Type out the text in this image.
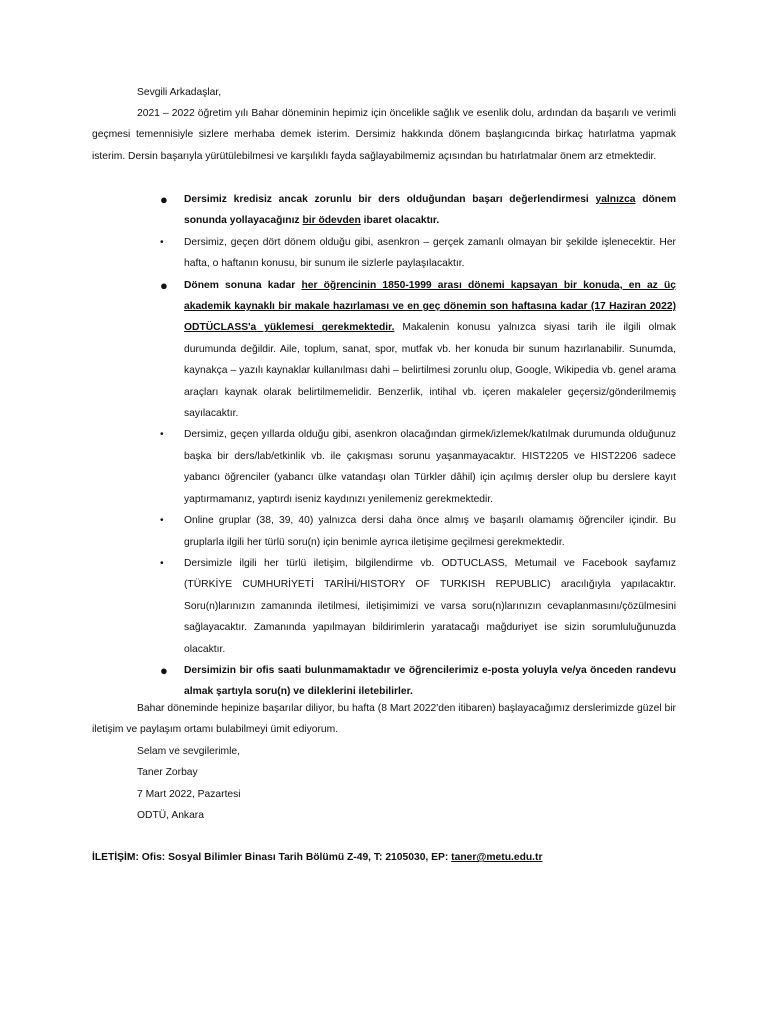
Sevgili Arkadaşlar,
2021 – 2022 öğretim yılı Bahar döneminin hepimiz için öncelikle sağlık ve esenlik dolu, ardından da başarılı ve verimli geçmesi temennisiyle sizlere merhaba demek isterim. Dersimiz hakkında dönem başlangıcında birkaç hatırlatma yapmak isterim. Dersin başarıyla yürütülebilmesi ve karşılıklı fayda sağlayabilmemiz açısından bu hatırlatmalar önem arz etmektedir.
●	Dersimiz kredisiz ancak zorunlu bir ders olduğundan başarı değerlendirmesi yalnızca dönem sonunda yollayacağınız bir ödevden ibaret olacaktır.
•	Dersimiz, geçen dört dönem olduğu gibi, asenkron – gerçek zamanlı olmayan bir şekilde işlenecektir. Her hafta, o haftanın konusu, bir sunum ile sizlerle paylaşılacaktır.
●	Dönem sonuna kadar her öğrencinin 1850-1999 arası dönemi kapsayan bir konuda, en az üç akademik kaynaklı bir makale hazırlaması ve en geç dönemin son haftasına kadar (17 Haziran 2022) ODTÜCLASS'a yüklemesi gerekmektedir. Makalenin konusu yalnızca siyasi tarih ile ilgili olmak durumunda değildir. Aile, toplum, sanat, spor, mutfak vb. her konuda bir sunum hazırlanabilir. Sunumda, kaynakça – yazılı kaynaklar kullanılması dahi – belirtilmesi zorunlu olup, Google, Wikipedia vb. genel arama araçları kaynak olarak belirtilmemelidir. Benzerlik, intihal vb. içeren makaleler geçersiz/gönderilmemiş sayılacaktır.
•	Dersimiz, geçen yıllarda olduğu gibi, asenkron olacağından girmek/izlemek/katılmak durumunda olduğunuz başka bir ders/lab/etkinlik vb. ile çakışması sorunu yaşanmayacaktır. HIST2205 ve HIST2206 sadece yabancı öğrenciler (yabancı ülke vatandaşı olan Türkler dâhil) için açılmış dersler olup bu derslere kayıt yaptırmamanız, yaptırdı iseniz kaydınızı yenilemeniz gerekmektedir.
•	Online gruplar (38, 39, 40) yalnızca dersi daha önce almış ve başarılı olamamış öğrenciler içindir. Bu gruplarla ilgili her türlü soru(n) için benimle ayrıca iletişime geçilmesi gerekmektedir.
•	Dersimizle ilgili her türlü iletişim, bilgilendirme vb. ODTUCLASS, Metumail ve Facebook sayfamız (TÜRKİYE CUMHURİYETİ TARİHİ/HISTORY OF TURKISH REPUBLIC) aracılığıyla yapılacaktır. Soru(n)larınızın zamanında iletilmesi, iletişimimizi ve varsa soru(n)larınızın cevaplanmasını/çözülmesini sağlayacaktır. Zamanında yapılmayan bildirimlerin yaratacağı mağduriyet ise sizin sorumluluğunuzda olacaktır.
●	Dersimizin bir ofis saati bulunmamaktadır ve öğrencilerimiz e-posta yoluyla ve/ya önceden randevu almak şartıyla soru(n) ve dileklerini iletebilirler.
Bahar döneminde hepinize başarılar diliyor, bu hafta (8 Mart 2022'den itibaren) başlayacağımız derslerimizde güzel bir iletişim ve paylaşım ortamı bulabilmeyi ümit ediyorum.
Selam ve sevgilerimle,
Taner Zorbay
7 Mart 2022, Pazartesi
ODTÜ, Ankara
İLETİŞİM: Ofis: Sosyal Bilimler Binası Tarih Bölümü Z-49, T: 2105030, EP: taner@metu.edu.tr
